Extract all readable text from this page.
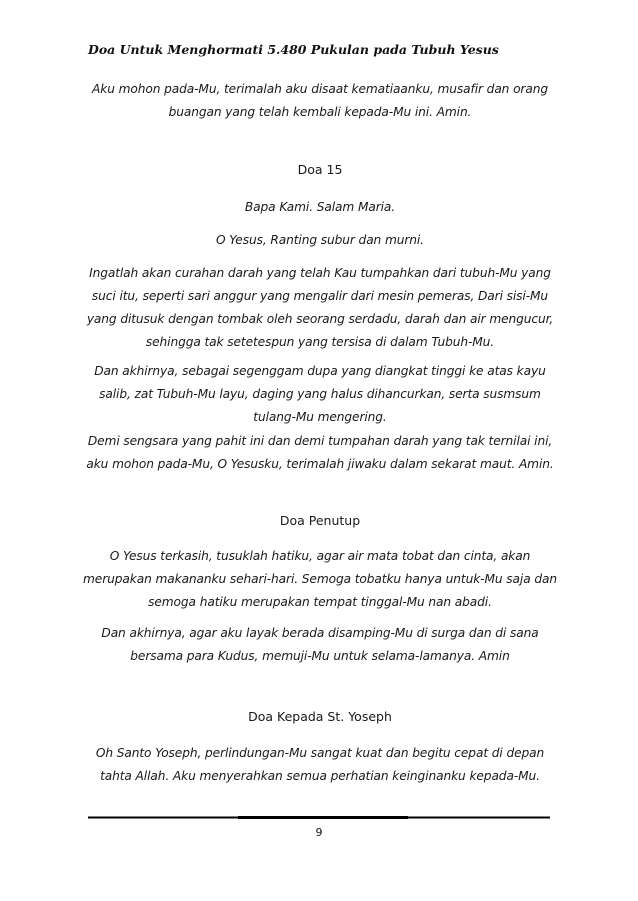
Doa Untuk Menghormati 5.480 Pukulan pada Tubuh Yesus
Aku mohon pada-Mu, terimalah aku disaat kematiaanku, musafir dan orang buangan yang telah kembali kepada-Mu ini. Amin.
Doa 15
Bapa Kami. Salam Maria.
O Yesus, Ranting subur dan murni.
Ingatlah akan curahan darah yang telah Kau tumpahkan dari tubuh-Mu yang suci itu, seperti sari anggur yang mengalir dari mesin pemeras, Dari sisi-Mu yang ditusuk dengan tombak oleh seorang serdadu, darah dan air mengucur, sehingga tak setetespun yang tersisa di dalam Tubuh-Mu.
Dan akhirnya, sebagai segenggam dupa yang diangkat tinggi ke atas kayu salib, zat Tubuh-Mu layu, daging yang halus dihancurkan, serta susmsum tulang-Mu mengering.
Demi sengsara yang pahit ini dan demi tumpahan darah yang tak ternilai ini, aku mohon pada-Mu, O Yesusku, terimalah jiwaku dalam sekarat maut. Amin.
Doa Penutup
O Yesus terkasih, tusuklah hatiku, agar air mata tobat dan cinta, akan merupakan makananku sehari-hari. Semoga tobatku hanya untuk-Mu saja dan semoga hatiku merupakan tempat tinggal-Mu nan abadi.
Dan akhirnya, agar aku layak berada disamping-Mu di surga dan di sana bersama para Kudus, memuji-Mu untuk selama-lamanya. Amin
Doa Kepada St. Yoseph
Oh Santo Yoseph, perlindungan-Mu sangat kuat dan begitu cepat di depan tahta Allah. Aku menyerahkan semua perhatian keinginanku kepada-Mu.
9
